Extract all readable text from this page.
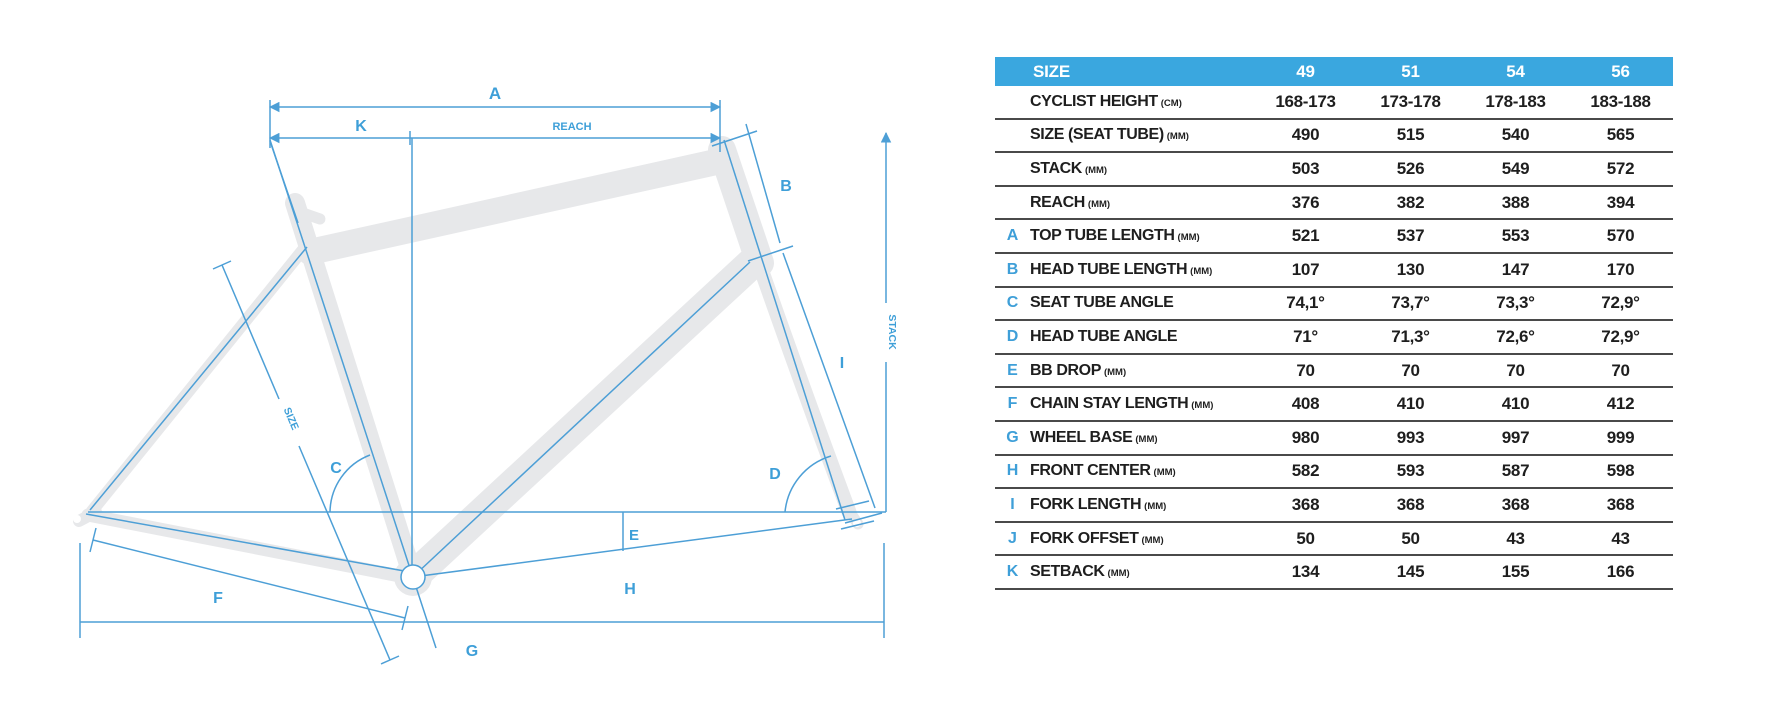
A
K	REACH
B
I
C	D
E
H
F
G
SIZE
STACK
SIZE	49	51	54	56
CYCLIST HEIGHT (CM)	168-173	173-178	178-183	183-188
SIZE (SEAT TUBE) (MM)	490	515	540	565
STACK (MM)	503	526	549	572
REACH (MM)	376	382	388	394
A TOP TUBE LENGTH (MM)	521	537	553	570
B HEAD TUBE LENGTH (MM)	107	130	147	170
C SEAT TUBE ANGLE	74,1°	73,7°	73,3°	72,9°
D HEAD TUBE ANGLE	71°	71,3°	72,6°	72,9°
E BB DROP (MM)	70	70	70	70
F CHAIN STAY LENGTH (MM)	408	410	410	412
G WHEEL BASE (MM)	980	993	997	999
H FRONT CENTER (MM)	582	593	587	598
I FORK LENGTH (MM)	368	368	368	368
J FORK OFFSET (MM)	50	50	43	43
K SETBACK (MM)	134	145	155	166
